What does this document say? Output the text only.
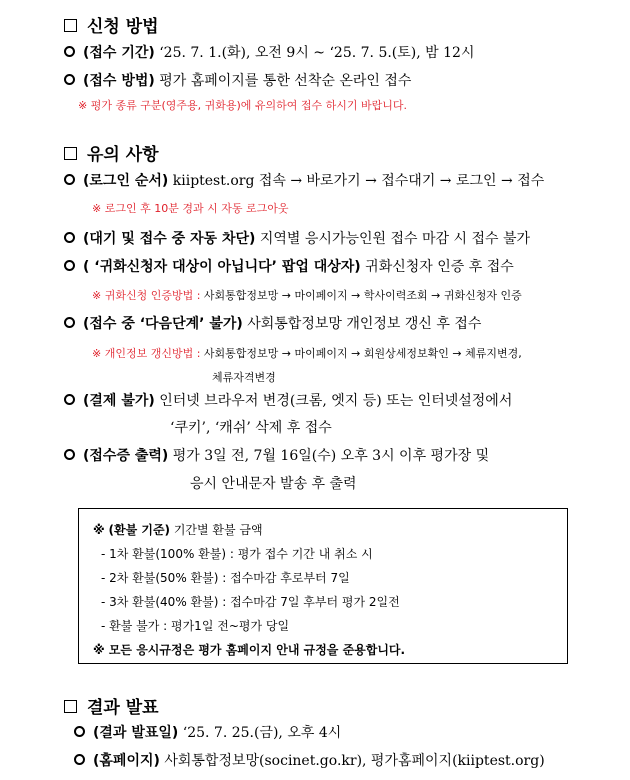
신청 방법
(접수 기간) ‘25. 7. 1.(화), 오전 9시 ~ ‘25. 7. 5.(토), 밤 12시
(접수 방법) 평가 홈페이지를 통한 선착순 온라인 접수
※ 평가 종류 구분(영주용, 귀화용)에 유의하여 접수 하시기 바랍니다.
유의 사항
(로그인 순서) kiiptest.org 접속 → 바로가기 → 접수대기 → 로그인 → 접수
※ 로그인 후 10분 경과 시 자동 로그아웃
(대기 및 접수 중 자동 차단) 지역별 응시가능인원 접수 마감 시 접수 불가
( ‘귀화신청자 대상이 아닙니다’ 팝업 대상자) 귀화신청자 인증 후 접수
※ 귀화신청 인증방법 : 사회통합정보망 → 마이페이지 → 학사이력조회 → 귀화신청자 인증
(접수 중 ‘다음단계’ 불가) 사회통합정보망 개인정보 갱신 후 접수
※ 개인정보 갱신방법 : 사회통합정보망 → 마이페이지 → 회원상세정보확인 → 체류지변경,
체류자격변경
(결제 불가) 인터넷 브라우저 변경(크롬, 엣지 등) 또는 인터넷설정에서
‘쿠키’, ‘캐쉬’ 삭제 후 접수
(접수증 출력) 평가 3일 전, 7월 16일(수) 오후 3시 이후 평가장 및
응시 안내문자 발송 후 출력
※ (환불 기준) 기간별 환불 금액
- 1차 환불(100% 환불) : 평가 접수 기간 내 취소 시
- 2차 환불(50% 환불) : 접수마감 후로부터 7일
- 3차 환불(40% 환불) : 접수마감 7일 후부터 평가 2일전
- 환불 불가 : 평가1일 전~평가 당일
※ 모든 응시규정은 평가 홈페이지 안내 규정을 준용합니다.
결과 발표
(결과 발표일) ‘25. 7. 25.(금), 오후 4시
(홈페이지) 사회통합정보망(socinet.go.kr), 평가홈페이지(kiiptest.org)
